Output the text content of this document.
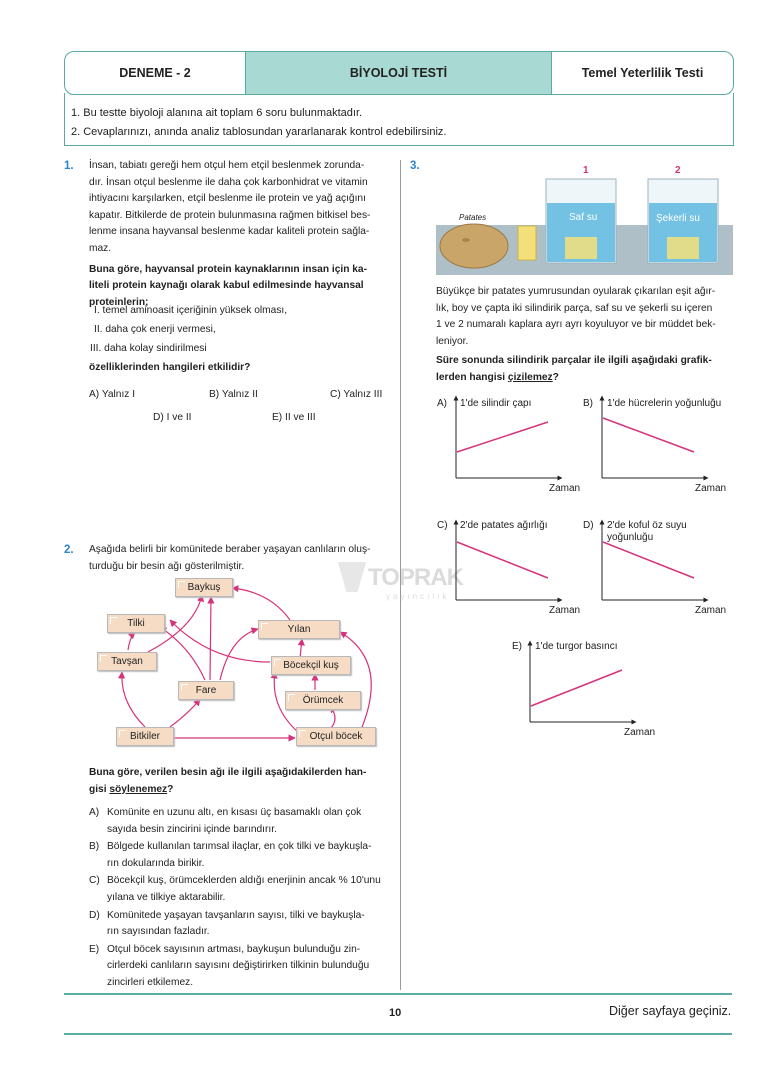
DENEME - 2	BİYOLOJİ TESTİ	Temel Yeterlilik Testi

1. Bu testte biyoloji alanına ait toplam 6 soru bulunmaktadır.

2. Cevaplarınızı, anında analiz tablosundan yararlanarak kontrol edebilirsiniz.

TOPRAK
yayıncılık
1. İnsan, tabiatı gereği hem otçul hem etçil beslenmek zorunda-
dır. İnsan otçul beslenme ile daha çok karbonhidrat ve vitamin
ihtiyacını karşılarken, etçil beslenme ile protein ve yağ açığını
kapatır. Bitkilerde de protein bulunmasına rağmen bitkisel bes-
lenme insana hayvansal beslenme kadar kaliteli protein sağla-
maz.
Buna göre, hayvansal protein kaynaklarının insan için ka-
liteli protein kaynağı olarak kabul edilmesinde hayvansal
proteinlerin;
I. temel aminoasit içeriğinin yüksek olması,
II. daha çok enerji vermesi,
III. daha kolay sindirilmesi
özelliklerinden hangileri etkilidir?
A) Yalnız I	B) Yalnız II	C) Yalnız III
D) I ve II	E) II ve III
2. Aşağıda belirli bir komünitede beraber yaşayan canlıların oluş-
turduğu bir besin ağı gösterilmiştir.
Baykuş
Tilki
Yılan
Tavşan
Fare
Böcekçil kuş
Örümcek
Bitkiler	Otçul böcek
Buna göre, verilen besin ağı ile ilgili aşağıdakilerden han-
gisi söylenemez?
A) Komünite en uzunu altı, en kısası üç basamaklı olan çok
sayıda besin zincirini içinde barındırır.
B) Bölgede kullanılan tarımsal ilaçlar, en çok tilki ve baykuşla-
rın dokularında birikir.
C) Böcekçil kuş, örümceklerden aldığı enerjinin ancak % 10'unu
yılana ve tilkiye aktarabilir.
D) Komünitede yaşayan tavşanların sayısı, tilki ve baykuşla-
rın sayısından fazladır.
E) Otçul böcek sayısının artması, baykuşun bulunduğu zin-
cirlerdeki canlıların sayısını değiştirirken tilkinin bulunduğu
zincirleri etkilemez.
3.
Patates
1	2
Saf su	Şekerli su
Büyükçe bir patates yumrusundan oyularak çıkarılan eşit ağır-
lık, boy ve çapta iki silindirik parça, saf su ve şekerli su içeren
1 ve 2 numaralı kaplara ayrı ayrı koyuluyor ve bir müddet bek-
leniyor.
Süre sonunda silindirik parçalar ile ilgili aşağıdaki grafik-
lerden hangisi çizilemez?
A) 1'de silindir çapı
Zaman
B) 1'de hücrelerin yoğunluğu
Zaman
C) 2'de patates ağırlığı
Zaman
D) 2'de koful öz suyu
yoğunluğu
Zaman
E) 1'de turgor basıncı
Zaman
10	Diğer sayfaya geçiniz.
